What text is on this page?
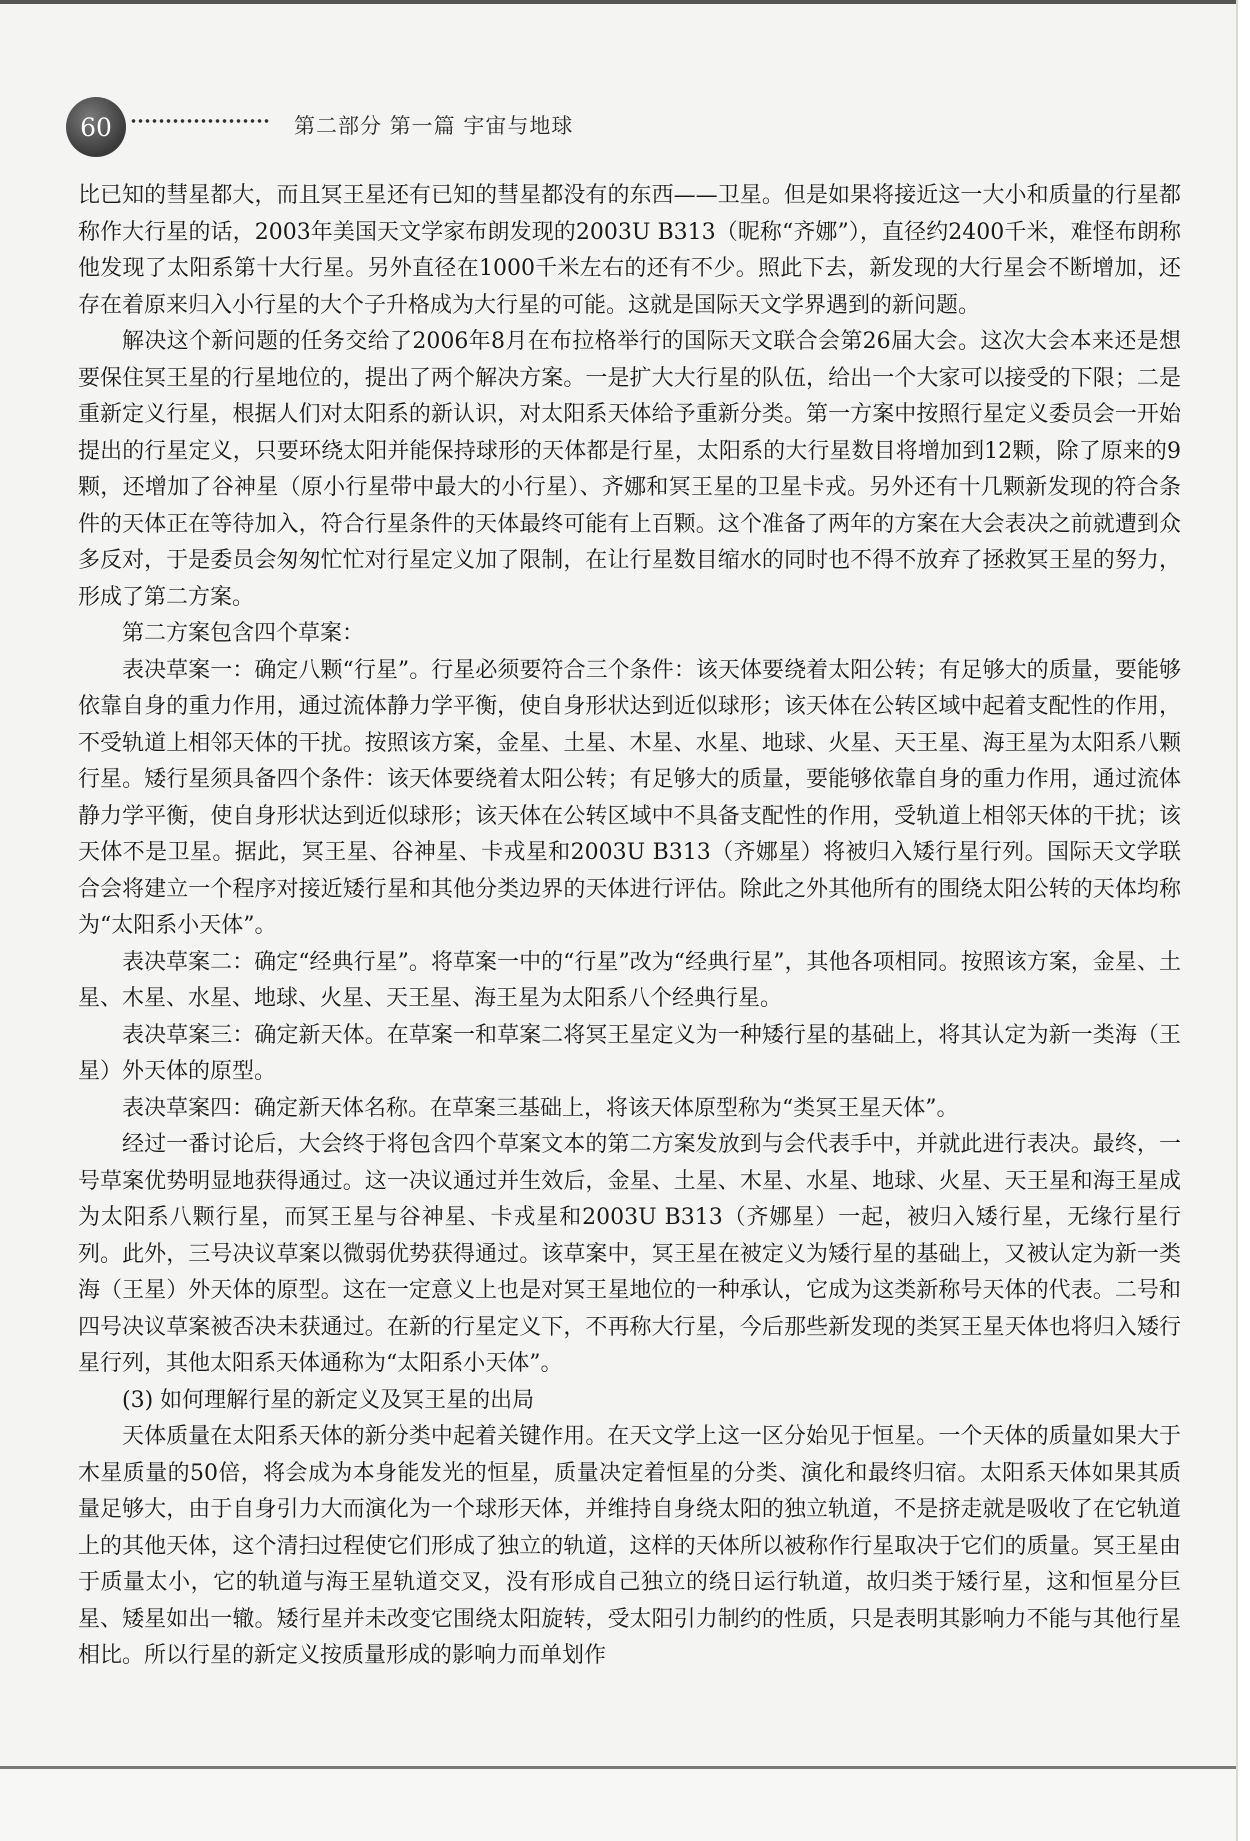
60	第二部分 第一篇 宇宙与地球

比已知的彗星都大，而且冥王星还有已知的彗星都没有的东西——卫星。但是如果将接近这一大小和质量的行星都称作大行星的话，2003年美国天文学家布朗发现的2003U B313（昵称“齐娜”），直径约2400千米，难怪布朗称他发现了太阳系第十大行星。另外直径在1000千米左右的还有不少。照此下去，新发现的大行星会不断增加，还存在着原来归入小行星的大个子升格成为大行星的可能。这就是国际天文学界遇到的新问题。

解决这个新问题的任务交给了2006年8月在布拉格举行的国际天文联合会第26届大会。这次大会本来还是想要保住冥王星的行星地位的，提出了两个解决方案。一是扩大大行星的队伍，给出一个大家可以接受的下限；二是重新定义行星，根据人们对太阳系的新认识，对太阳系天体给予重新分类。第一方案中按照行星定义委员会一开始提出的行星定义，只要环绕太阳并能保持球形的天体都是行星，太阳系的大行星数目将增加到12颗，除了原来的9颗，还增加了谷神星（原小行星带中最大的小行星）、齐娜和冥王星的卫星卡戎。另外还有十几颗新发现的符合条件的天体正在等待加入，符合行星条件的天体最终可能有上百颗。这个准备了两年的方案在大会表决之前就遭到众多反对，于是委员会匆匆忙忙对行星定义加了限制，在让行星数目缩水的同时也不得不放弃了拯救冥王星的努力，形成了第二方案。

第二方案包含四个草案：

表决草案一：确定八颗“行星”。行星必须要符合三个条件：该天体要绕着太阳公转；有足够大的质量，要能够依靠自身的重力作用，通过流体静力学平衡，使自身形状达到近似球形；该天体在公转区域中起着支配性的作用，不受轨道上相邻天体的干扰。按照该方案，金星、土星、木星、水星、地球、火星、天王星、海王星为太阳系八颗行星。矮行星须具备四个条件：该天体要绕着太阳公转；有足够大的质量，要能够依靠自身的重力作用，通过流体静力学平衡，使自身形状达到近似球形；该天体在公转区域中不具备支配性的作用，受轨道上相邻天体的干扰；该天体不是卫星。据此，冥王星、谷神星、卡戎星和2003U B313（齐娜星）将被归入矮行星行列。国际天文学联合会将建立一个程序对接近矮行星和其他分类边界的天体进行评估。除此之外其他所有的围绕太阳公转的天体均称为“太阳系小天体”。

表决草案二：确定“经典行星”。将草案一中的“行星”改为“经典行星”，其他各项相同。按照该方案，金星、土星、木星、水星、地球、火星、天王星、海王星为太阳系八个经典行星。

表决草案三：确定新天体。在草案一和草案二将冥王星定义为一种矮行星的基础上，将其认定为新一类海（王星）外天体的原型。

表决草案四：确定新天体名称。在草案三基础上，将该天体原型称为“类冥王星天体”。

经过一番讨论后，大会终于将包含四个草案文本的第二方案发放到与会代表手中，并就此进行表决。最终，一号草案优势明显地获得通过。这一决议通过并生效后，金星、土星、木星、水星、地球、火星、天王星和海王星成为太阳系八颗行星，而冥王星与谷神星、卡戎星和2003U B313（齐娜星）一起，被归入矮行星，无缘行星行列。此外，三号决议草案以微弱优势获得通过。该草案中，冥王星在被定义为矮行星的基础上，又被认定为新一类海（王星）外天体的原型。这在一定意义上也是对冥王星地位的一种承认，它成为这类新称号天体的代表。二号和四号决议草案被否决未获通过。在新的行星定义下，不再称大行星，今后那些新发现的类冥王星天体也将归入矮行星行列，其他太阳系天体通称为“太阳系小天体”。

(3) 如何理解行星的新定义及冥王星的出局

天体质量在太阳系天体的新分类中起着关键作用。在天文学上这一区分始见于恒星。一个天体的质量如果大于木星质量的50倍，将会成为本身能发光的恒星，质量决定着恒星的分类、演化和最终归宿。太阳系天体如果其质量足够大，由于自身引力大而演化为一个球形天体，并维持自身绕太阳的独立轨道，不是挤走就是吸收了在它轨道上的其他天体，这个清扫过程使它们形成了独立的轨道，这样的天体所以被称作行星取决于它们的质量。冥王星由于质量太小，它的轨道与海王星轨道交叉，没有形成自己独立的绕日运行轨道，故归类于矮行星，这和恒星分巨星、矮星如出一辙。矮行星并未改变它围绕太阳旋转，受太阳引力制约的性质，只是表明其影响力不能与其他行星相比。所以行星的新定义按质量形成的影响力而单划作
